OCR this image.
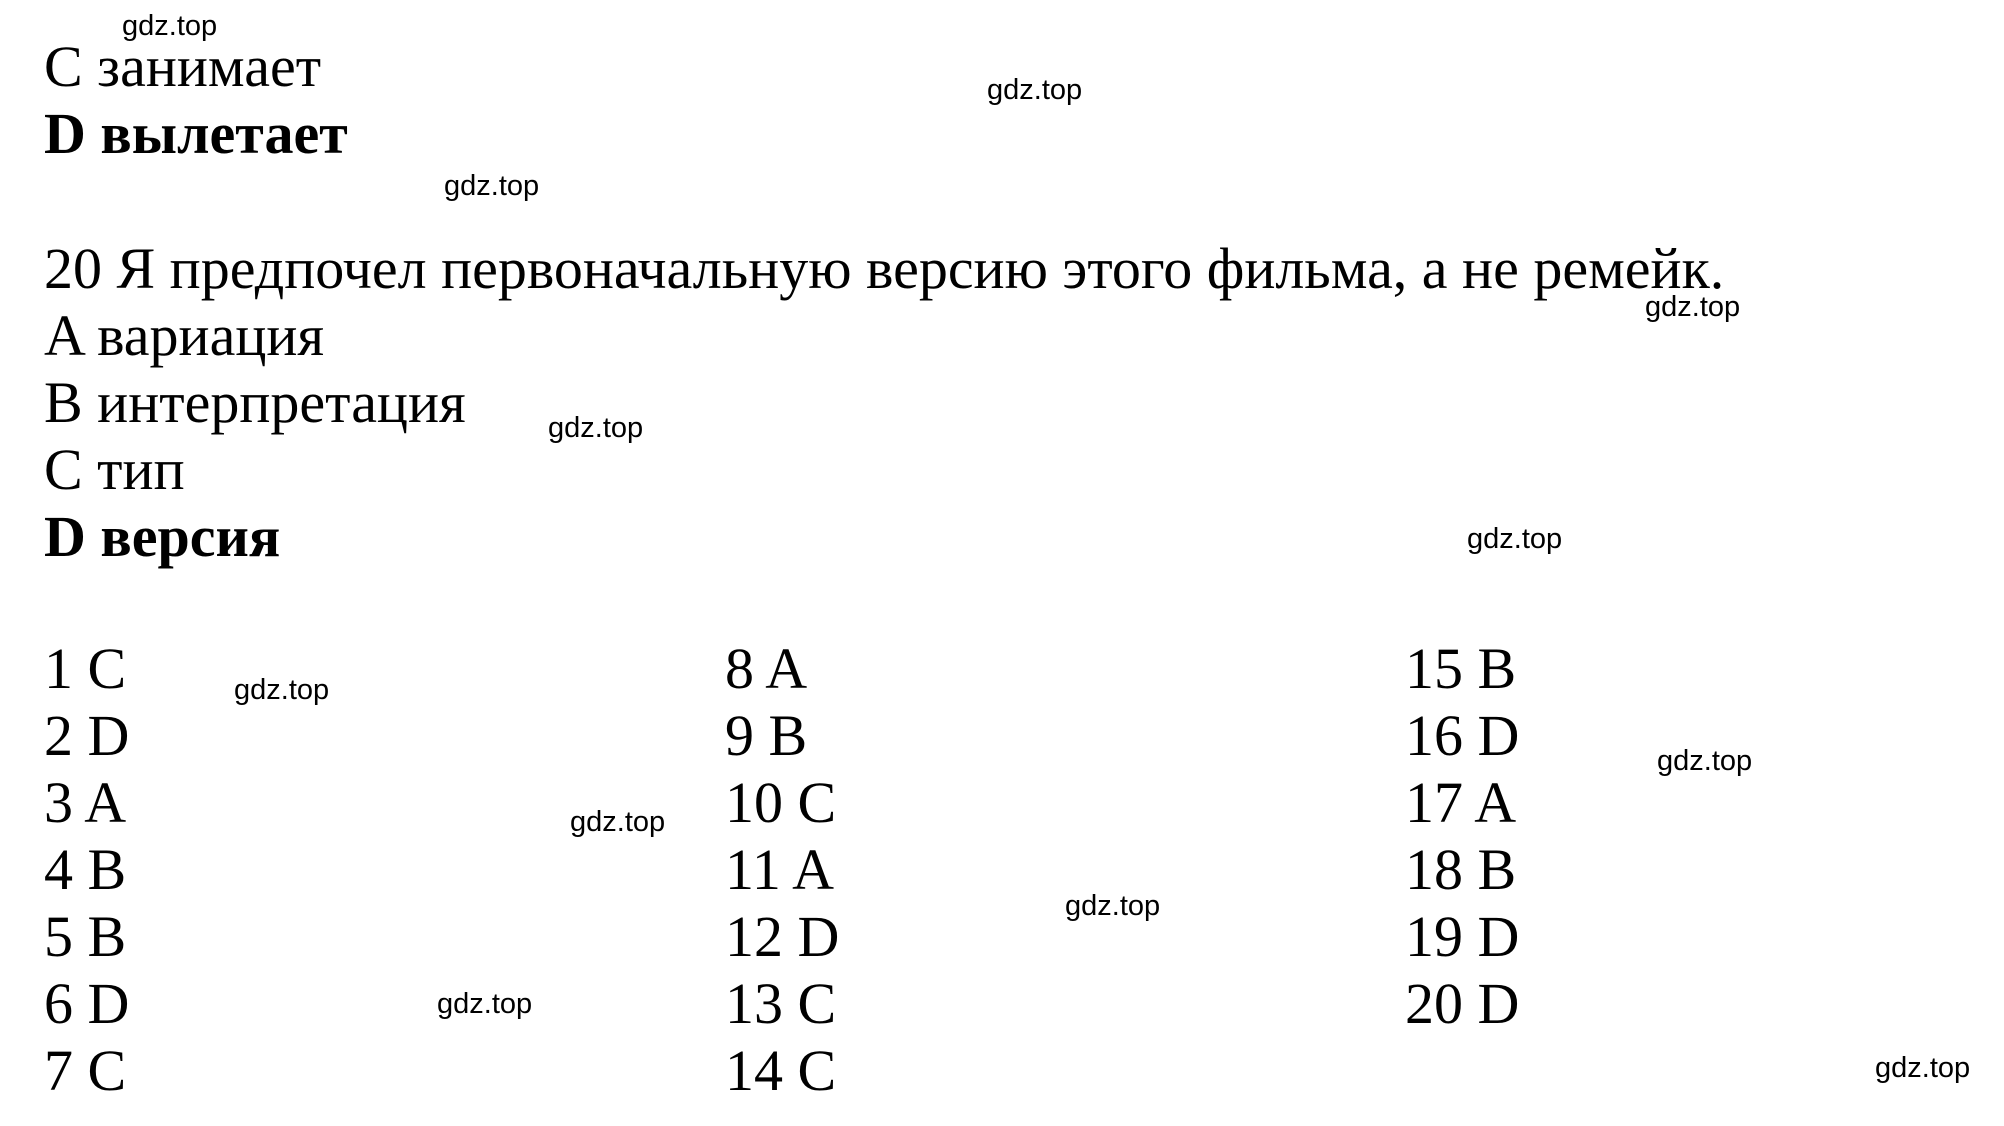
C занимает
D вылетает
20 Я предпочел первоначальную версию этого фильма, а не ремейк.
A вариация
B интерпретация
C тип
D версия
1 C
2 D
3 A
4 B
5 B
6 D
7 C
8 A
9 B
10 C
11 A
12 D
13 C
14 C
15 B
16 D
17 A
18 B
19 D
20 D
gdz.top
gdz.top
gdz.top
gdz.top
gdz.top
gdz.top
gdz.top
gdz.top
gdz.top
gdz.top
gdz.top
gdz.top
